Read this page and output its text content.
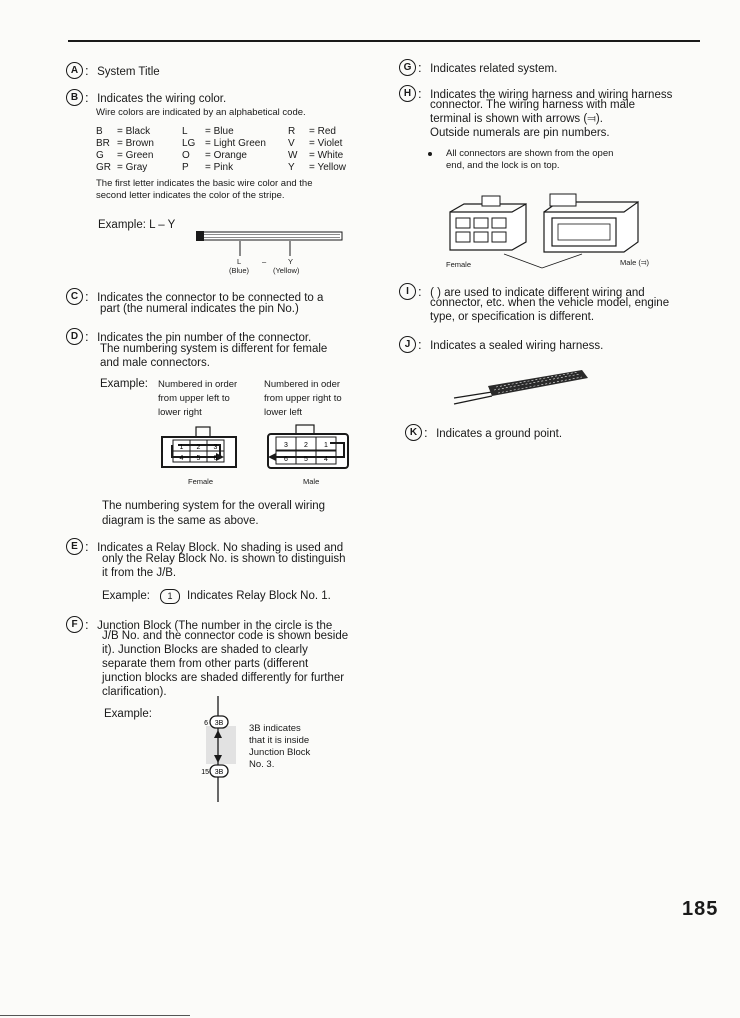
A : System Title
B : Indicates the wiring color.
Wire colors are indicated by an alphabetical code.
B	= Black	L	= Blue	R	= Red
BR	= Brown	LG	= Light Green	V	= Violet
G	= Green	O	= Orange	W	= White
GR	= Gray	P	= Pink	Y	= Yellow
The first letter indicates the basic wire color and the
second letter indicates the color of the stripe.
Example: L – Y
L	–	Y
(Blue)	(Yellow)
C : Indicates the connector to be connected to a
part (the numeral indicates the pin No.)
D : Indicates the pin number of the connector.
The numbering system is different for female
and male connectors.
Example: Numbered in order
from upper left to
lower right
Numbered in oder
from upper right to
lower left
1 2 3
4 5 6
Female
3 2 1
6 5 4
Male
The numbering system for the overall wiring
diagram is the same as above.
E : Indicates a Relay Block. No shading is used and
only the Relay Block No. is shown to distinguish
it from the J/B.
Example:	1	Indicates Relay Block No. 1.
F : Junction Block (The number in the circle is the
J/B No. and the connector code is shown beside
it). Junction Blocks are shaded to clearly
separate them from other parts (different
junction blocks are shaded differently for further
clarification).
Example:
3B
3B
6
15
3B indicates
that it is inside
Junction Block
No. 3.
G : Indicates related system.
H : Indicates the wiring harness and wiring harness
connector. The wiring harness with male
terminal is shown with arrows (⫤).
Outside numerals are pin numbers.
All connectors are shown from the open
end, and the lock is on top.
Female	Male (⫤)
I : ( ) are used to indicate different wiring and
connector, etc. when the vehicle model, engine
type, or specification is different.
J : Indicates a sealed wiring harness.
K : Indicates a ground point.
185
